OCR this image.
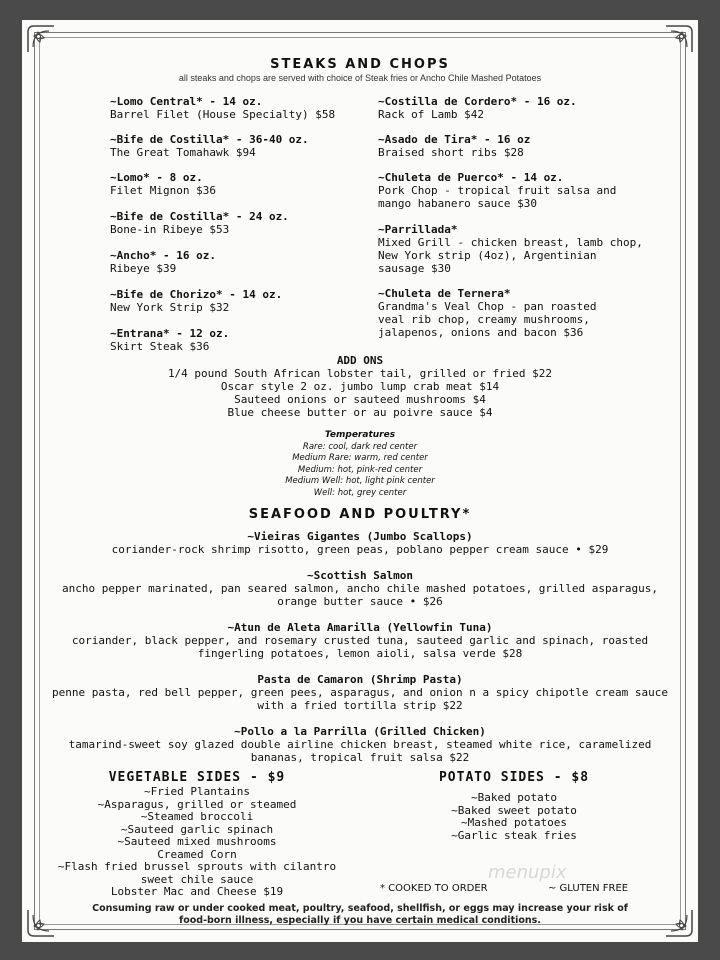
STEAKS AND CHOPS
all steaks and chops are served with choice of Steak fries or Ancho Chile Mashed Potatoes
~Lomo Central* - 14 oz.
Barrel Filet (House Specialty) $58
~Bife de Costilla* - 36-40 oz.
The Great Tomahawk $94
~Lomo* - 8 oz.
Filet Mignon $36
~Bife de Costilla* - 24 oz.
Bone-in Ribeye $53
~Ancho* - 16 oz.
Ribeye $39
~Bife de Chorizo* - 14 oz.
New York Strip $32
~Entrana* - 12 oz.
Skirt Steak $36
~Costilla de Cordero* - 16 oz.
Rack of Lamb $42
~Asado de Tira* - 16 oz
Braised short ribs $28
~Chuleta de Puerco* - 14 oz.
Pork Chop - tropical fruit salsa and
mango habanero sauce $30
~Parrillada*
Mixed Grill - chicken breast, lamb chop,
New York strip (4oz), Argentinian
sausage $30
~Chuleta de Ternera*
Grandma's Veal Chop - pan roasted
veal rib chop, creamy mushrooms,
jalapenos, onions and bacon $36
ADD ONS
1/4 pound South African lobster tail, grilled or fried $22
Oscar style 2 oz. jumbo lump crab meat $14
Sauteed onions or sauteed mushrooms $4
Blue cheese butter or au poivre sauce $4
Temperatures
Rare: cool, dark red center
Medium Rare: warm, red center
Medium: hot, pink-red center
Medium Well: hot, light pink center
Well: hot, grey center
SEAFOOD AND POULTRY*
~Vieiras Gigantes (Jumbo Scallops)
coriander-rock shrimp risotto, green peas, poblano pepper cream sauce • $29
~Scottish Salmon
ancho pepper marinated, pan seared salmon, ancho chile mashed potatoes, grilled asparagus,
orange butter sauce • $26
~Atun de Aleta Amarilla (Yellowfin Tuna)
coriander, black pepper, and rosemary crusted tuna, sauteed garlic and spinach, roasted
fingerling potatoes, lemon aioli, salsa verde $28
Pasta de Camaron (Shrimp Pasta)
penne pasta, red bell pepper, green pees, asparagus, and onion n a spicy chipotle cream sauce
with a fried tortilla strip $22
~Pollo a la Parrilla (Grilled Chicken)
tamarind-sweet soy glazed double airline chicken breast, steamed white rice, caramelized
bananas, tropical fruit salsa $22
VEGETABLE SIDES - $9
~Fried Plantains
~Asparagus, grilled or steamed
~Steamed broccoli
~Sauteed garlic spinach
~Sauteed mixed mushrooms
Creamed Corn
~Flash fried brussel sprouts with cilantro
sweet chile sauce
Lobster Mac and Cheese $19
POTATO SIDES - $8
~Baked potato
~Baked sweet potato
~Mashed potatoes
~Garlic steak fries
menupix
* COOKED TO ORDER	~ GLUTEN FREE
Consuming raw or under cooked meat, poultry, seafood, shellfish, or eggs may increase your risk of
food-born illness, especially if you have certain medical conditions.
